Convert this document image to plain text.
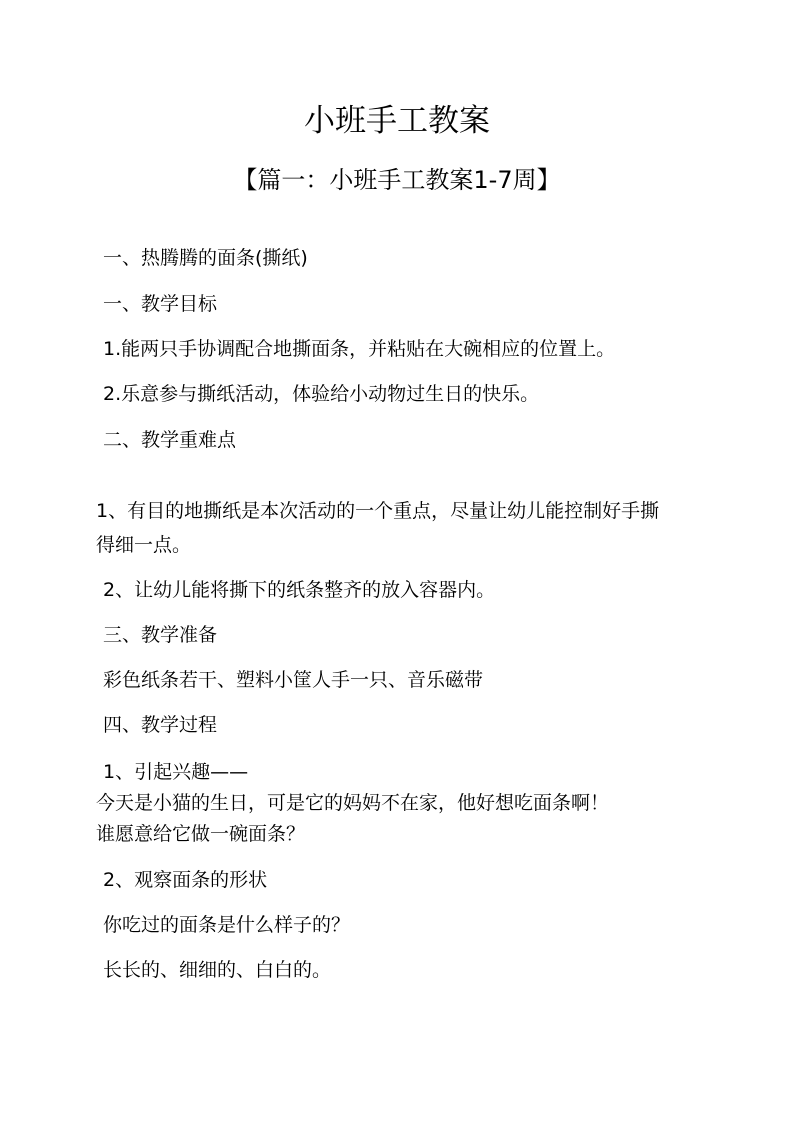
小班手工教案
【篇一：小班手工教案1-7周】
一、热腾腾的面条(撕纸)
一、教学目标
1.能两只手协调配合地撕面条，并粘贴在大碗相应的位置上。
2.乐意参与撕纸活动，体验给小动物过生日的快乐。
二、教学重难点
1、有目的地撕纸是本次活动的一个重点，尽量让幼儿能控制好手撕
得细一点。
2、让幼儿能将撕下的纸条整齐的放入容器内。
三、教学准备
彩色纸条若干、塑料小筐人手一只、音乐磁带
四、教学过程
1、引起兴趣——
今天是小猫的生日，可是它的妈妈不在家，他好想吃面条啊！
谁愿意给它做一碗面条？
2、观察面条的形状
你吃过的面条是什么样子的？
长长的、细细的、白白的。
